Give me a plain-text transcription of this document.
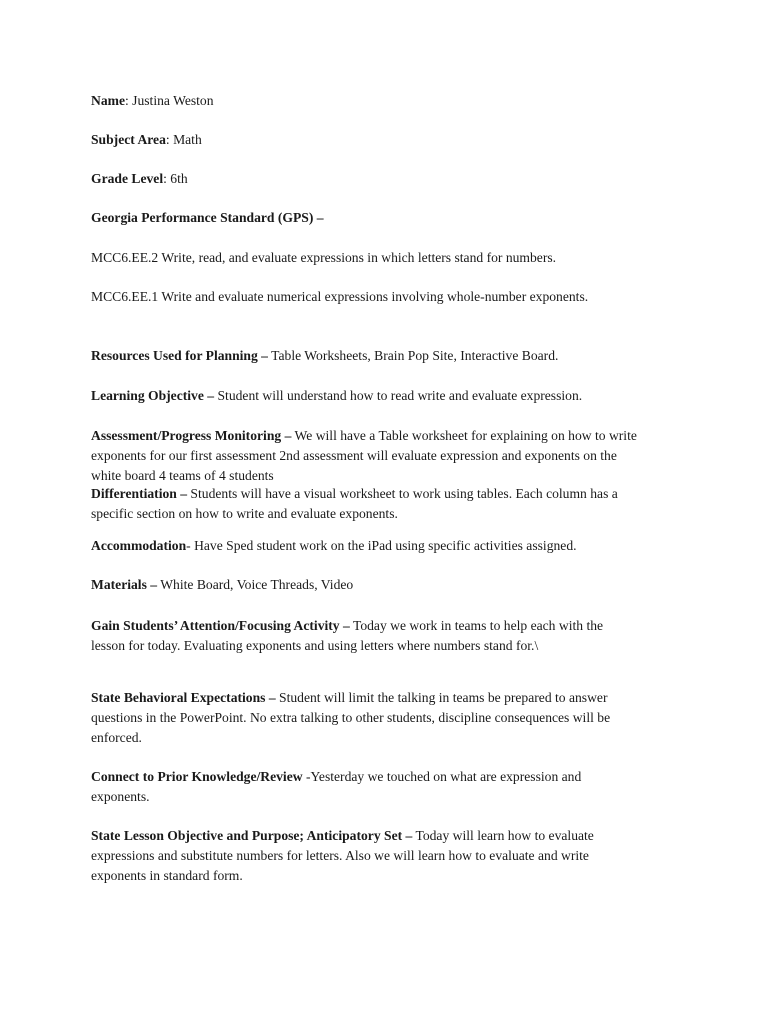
Name: Justina Weston
Subject Area: Math
Grade Level: 6th
Georgia Performance Standard (GPS) –
MCC6.EE.2 Write, read, and evaluate expressions in which letters stand for numbers.
MCC6.EE.1 Write and evaluate numerical expressions involving whole-number exponents.
Resources Used for Planning – Table Worksheets, Brain Pop Site, Interactive Board.
Learning Objective – Student will understand how to read write and evaluate expression.
Assessment/Progress Monitoring – We will have a Table worksheet for explaining on how to write
exponents for our first assessment 2nd assessment will evaluate expression and exponents on the
white board 4 teams of 4 students
Differentiation – Students will have a visual worksheet to work using tables. Each column has a
specific section on how to write and evaluate exponents.
Accommodation- Have Sped student work on the iPad using specific activities assigned.
Materials – White Board, Voice Threads, Video
Gain Students’ Attention/Focusing Activity – Today we work in teams to help each with the
lesson for today. Evaluating exponents and using letters where numbers stand for.\
State Behavioral Expectations – Student will limit the talking in teams be prepared to answer
questions in the PowerPoint. No extra talking to other students, discipline consequences will be
enforced.
Connect to Prior Knowledge/Review -Yesterday we touched on what are expression and
exponents.
State Lesson Objective and Purpose; Anticipatory Set – Today will learn how to evaluate
expressions and substitute numbers for letters. Also we will learn how to evaluate and write
exponents in standard form.
